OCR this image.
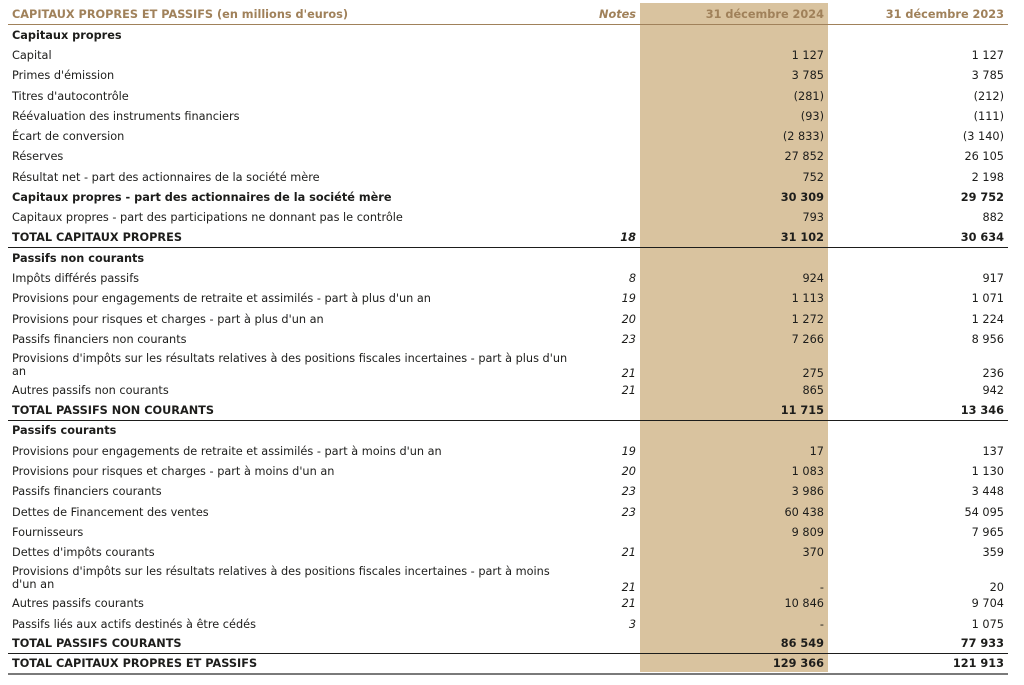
CAPITAUX PROPRES ET PASSIFS (en millions d'euros)	Notes	31 décembre 2024	31 décembre 2023
Capitaux propres			
Capital		1 127	1 127
Primes d'émission		3 785	3 785
Titres d'autocontrôle		(281)	(212)
Réévaluation des instruments financiers		(93)	(111)
Écart de conversion		(2 833)	(3 140)
Réserves		27 852	26 105
Résultat net - part des actionnaires de la société mère		752	2 198
Capitaux propres - part des actionnaires de la société mère		30 309	29 752
Capitaux propres - part des participations ne donnant pas le contrôle		793	882
TOTAL CAPITAUX PROPRES	18	31 102	30 634
Passifs non courants			
Impôts différés passifs	8	924	917
Provisions pour engagements de retraite et assimilés - part à plus d'un an	19	1 113	1 071
Provisions pour risques et charges - part à plus d'un an	20	1 272	1 224
Passifs financiers non courants	23	7 266	8 956
Provisions d'impôts sur les résultats relatives à des positions fiscales incertaines - part à plus d'un an	21	275	236
Autres passifs non courants	21	865	942
TOTAL PASSIFS NON COURANTS		11 715	13 346
Passifs courants			
Provisions pour engagements de retraite et assimilés - part à moins d'un an	19	17	137
Provisions pour risques et charges - part à moins d'un an	20	1 083	1 130
Passifs financiers courants	23	3 986	3 448
Dettes de Financement des ventes	23	60 438	54 095
Fournisseurs		9 809	7 965
Dettes d'impôts courants	21	370	359
Provisions d'impôts sur les résultats relatives à des positions fiscales incertaines - part à moins d'un an	21	-	20
Autres passifs courants	21	10 846	9 704
Passifs liés aux actifs destinés à être cédés	3	-	1 075
TOTAL PASSIFS COURANTS		86 549	77 933
TOTAL CAPITAUX PROPRES ET PASSIFS		129 366	121 913
